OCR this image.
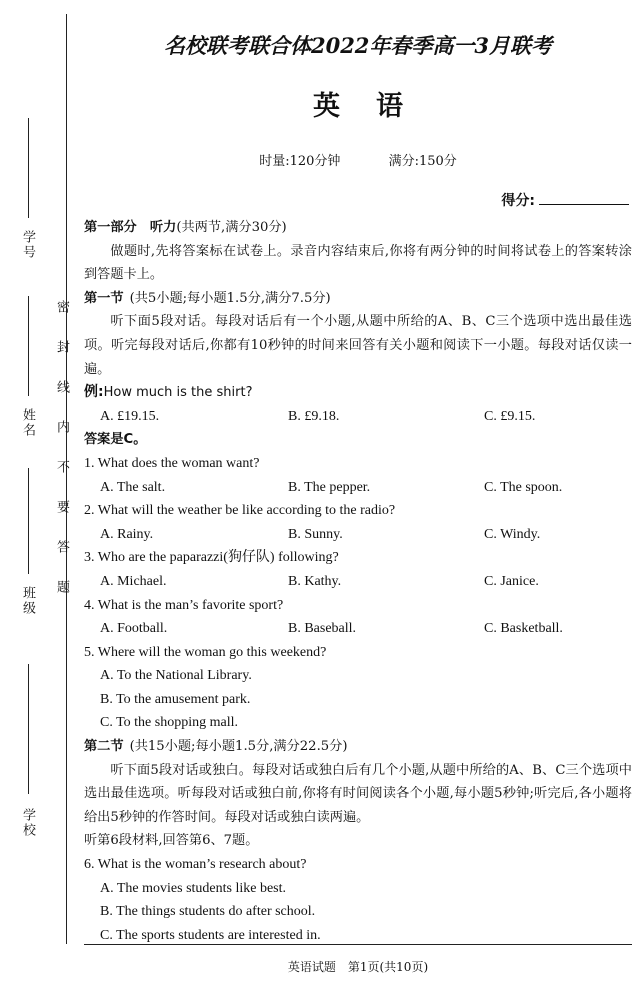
学号
姓名
班级
学校
密封线内不要答题
名校联考联合体2022年春季高一3月联考
英语
时量:120分钟	满分:150分
得分:

第一部分　听力(共两节,满分30分)

做题时,先将答案标在试卷上。录音内容结束后,你将有两分钟的时间将试卷上的答案转涂到答题卡上。

第一节 (共5小题;每小题1.5分,满分7.5分)

听下面5段对话。每段对话后有一个小题,从题中所给的A、B、C三个选项中选出最佳选项。听完每段对话后,你都有10秒钟的时间来回答有关小题和阅读下一小题。每段对话仅读一遍。

例:How much is the shirt?

A. £19.15.	B. £9.18.	C. £9.15.

答案是C。

1. What does the woman want?

A. The salt.	B. The pepper.	C. The spoon.

2. What will the weather be like according to the radio?

A. Rainy.	B. Sunny.	C. Windy.

3. Who are the paparazzi(狗仔队) following?

A. Michael.	B. Kathy.	C. Janice.

4. What is the man’s favorite sport?

A. Football.	B. Baseball.	C. Basketball.

5. Where will the woman go this weekend?

A. To the National Library.

B. To the amusement park.

C. To the shopping mall.

第二节 (共15小题;每小题1.5分,满分22.5分)

听下面5段对话或独白。每段对话或独白后有几个小题,从题中所给的A、B、C三个选项中选出最佳选项。听每段对话或独白前,你将有时间阅读各个小题,每小题5秒钟;听完后,各小题将给出5秒钟的作答时间。每段对话或独白读两遍。

听第6段材料,回答第6、7题。

6. What is the woman’s research about?

A. The movies students like best.

B. The things students do after school.

C. The sports students are interested in.

英语试题　第1页(共10页)
